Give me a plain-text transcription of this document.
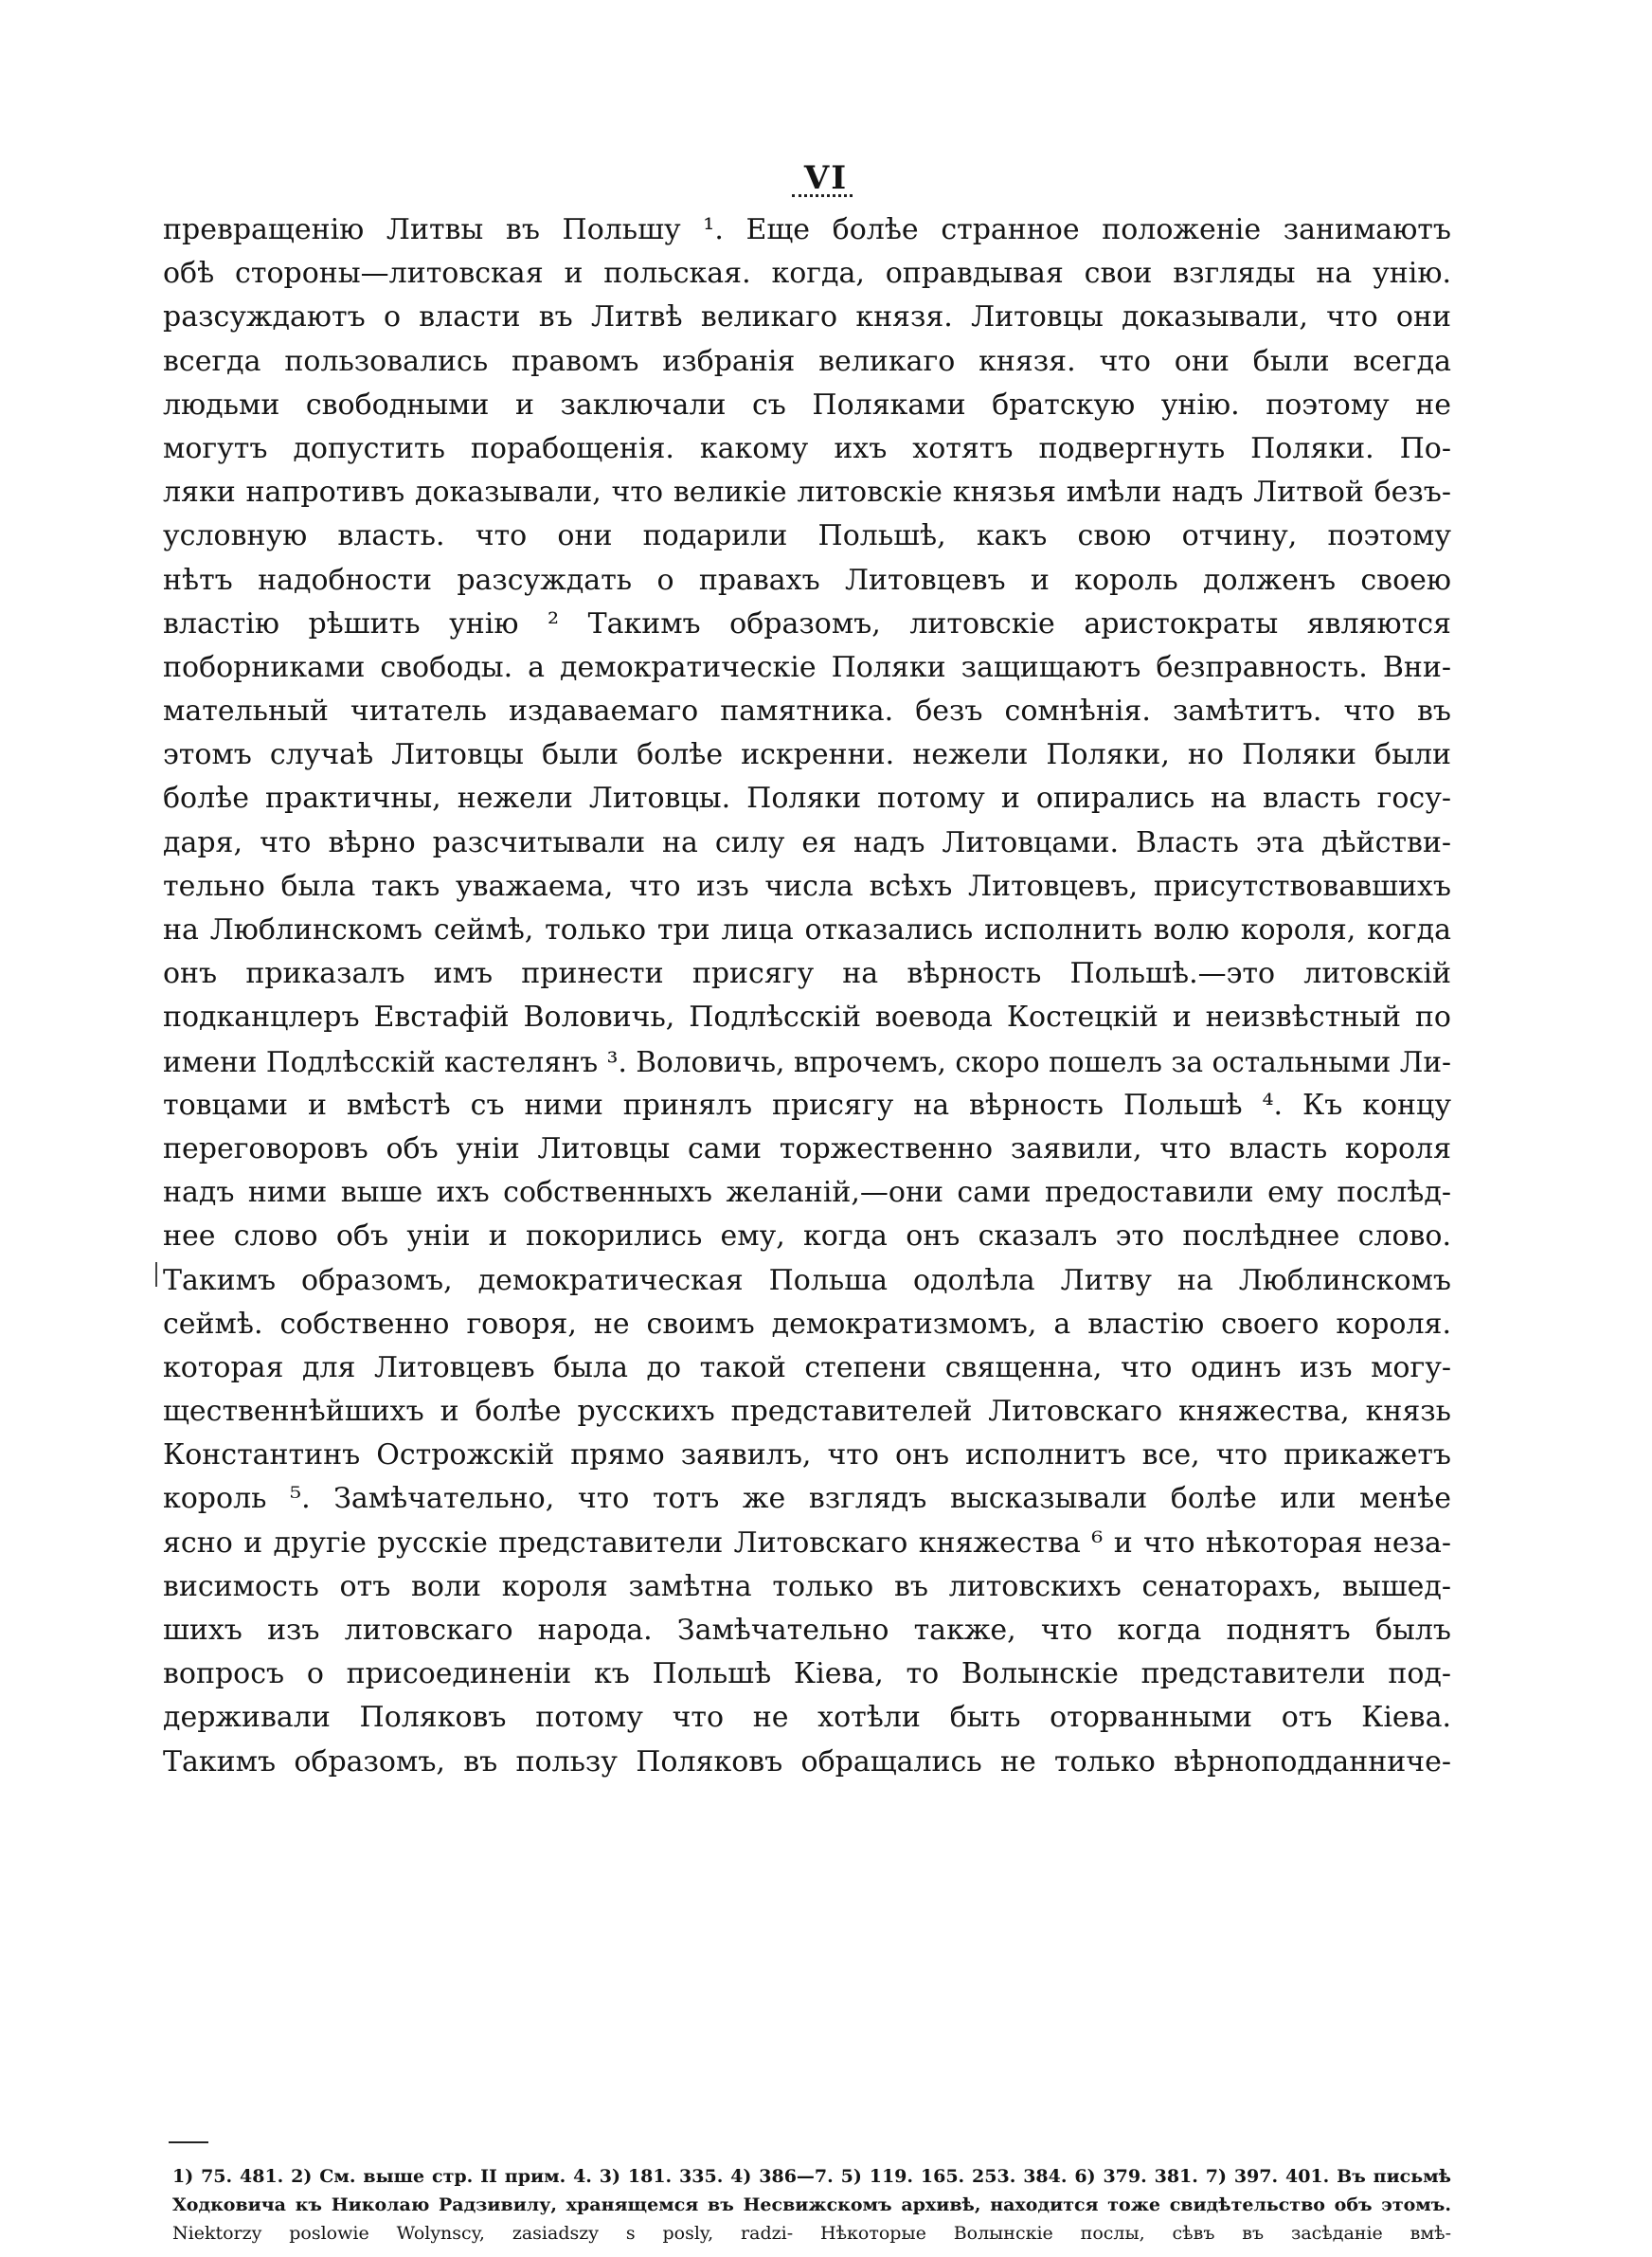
VI
превращенію Литвы въ Польшу ¹. Еще болѣе странное положеніе занимаютъ
обѣ стороны—литовская и польская. когда, оправдывая свои взгляды на унію.
разсуждаютъ о власти въ Литвѣ великаго князя. Литовцы доказывали, что они
всегда пользовались правомъ избранія великаго князя. что они были всегда
людьми свободными и заключали съ Поляками братскую унію. поэтому не
могутъ допустить порабощенія. какому ихъ хотятъ подвергнуть Поляки. По-
ляки напротивъ доказывали, что великіе литовскіе князья имѣли надъ Литвой безъ-
условную власть. что они подарили Польшѣ, какъ свою отчину, поэтому
нѣтъ надобности разсуждать о правахъ Литовцевъ и король долженъ своею
властію рѣшить унію ² Такимъ образомъ, литовскіе аристократы являются
поборниками свободы. а демократическіе Поляки защищаютъ безправность. Вни-
мательный читатель издаваемаго памятника. безъ сомнѣнія. замѣтитъ. что въ
этомъ случаѣ Литовцы были болѣе искренни. нежели Поляки, но Поляки были
болѣе практичны, нежели Литовцы. Поляки потому и опирались на власть госу-
даря, что вѣрно разсчитывали на силу ея надъ Литовцами. Власть эта дѣйстви-
тельно была такъ уважаема, что изъ числа всѣхъ Литовцевъ, присутствовавшихъ
на Люблинскомъ сеймѣ, только три лица отказались исполнить волю короля, когда
онъ приказалъ имъ принести присягу на вѣрность Польшѣ.—это литовскій
подканцлеръ Евстафій Воловичь, Подлѣсскій воевода Костецкій и неизвѣстный по
имени Подлѣсскій кастелянъ ³. Воловичь, впрочемъ, скоро пошелъ за остальными Ли-
товцами и вмѣстѣ съ ними принялъ присягу на вѣрность Польшѣ ⁴. Къ концу
переговоровъ объ уніи Литовцы сами торжественно заявили, что власть короля
надъ ними выше ихъ собственныхъ желаній,—они сами предоставили ему послѣд-
нее слово объ уніи и покорились ему, когда онъ сказалъ это послѣднее слово.
Такимъ образомъ, демократическая Польша одолѣла Литву на Люблинскомъ
сеймѣ. собственно говоря, не своимъ демократизмомъ, а властію своего короля.
которая для Литовцевъ была до такой степени священна, что одинъ изъ могу-
щественнѣйшихъ и болѣе русскихъ представителей Литовскаго княжества, князь
Константинъ Острожскій прямо заявилъ, что онъ исполнитъ все, что прикажетъ
король ⁵. Замѣчательно, что тотъ же взглядъ высказывали болѣе или менѣе
ясно и другіе русскіе представители Литовскаго княжества ⁶ и что нѣкоторая неза-
висимость отъ воли короля замѣтна только въ литовскихъ сенаторахъ, вышед-
шихъ изъ литовскаго народа. Замѣчательно также, что когда поднятъ былъ
вопросъ о присоединеніи къ Польшѣ Кіева, то Волынскіе представители под-
держивали Поляковъ потому что не хотѣли быть оторванными отъ Кіева.
Такимъ образомъ, въ пользу Поляковъ обращались не только вѣрноподданниче-
1) 75. 481. 2) См. выше стр. II прим. 4. 3) 181. 335. 4) 386—7. 5) 119. 165. 253. 384. 6) 379. 381. 7) 397. 401. Въ письмѣ
Ходковича къ Николаю Радзивилу, хранящемся въ Несвижскомъ архивѣ, находится тоже свидѣтельство объ этомъ.
Niektorzy poslowie Wolynscy, zasiadszy s posly, radzi- Нѣкоторые Волынскіе послы, сѣвъ въ засѣданіе вмѣ-
